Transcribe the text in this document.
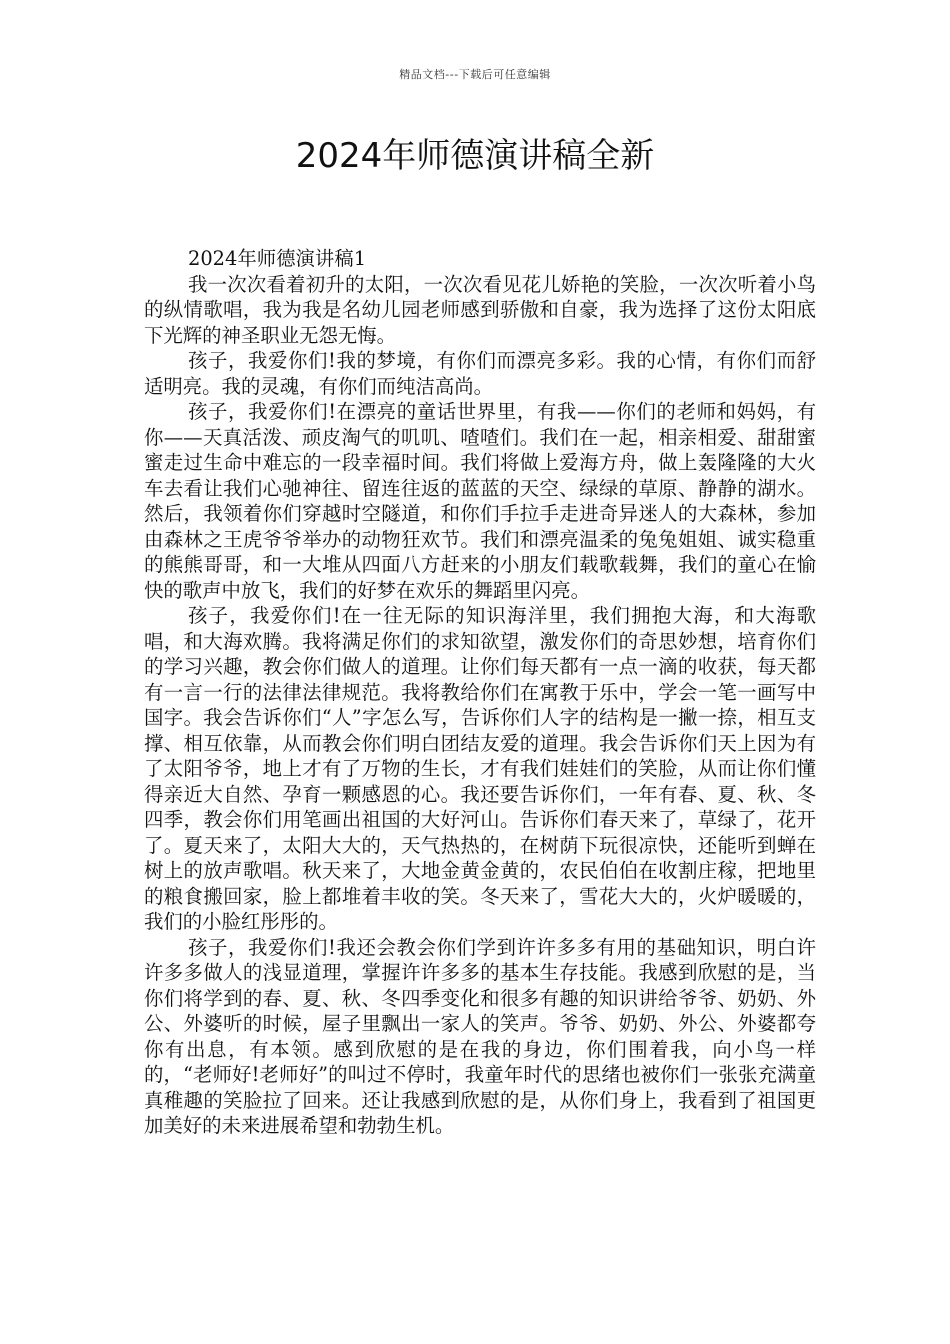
精品文档---下载后可任意编辑
2024年师德演讲稿全新

2024年师德演讲稿1

我一次次看着初升的太阳，一次次看见花儿娇艳的笑脸，一次次听着小鸟的纵情歌唱，我为我是名幼儿园老师感到骄傲和自豪，我为选择了这份太阳底下光辉的神圣职业无怨无悔。

孩子，我爱你们!我的梦境，有你们而漂亮多彩。我的心情，有你们而舒适明亮。我的灵魂，有你们而纯洁高尚。

孩子，我爱你们!在漂亮的童话世界里，有我——你们的老师和妈妈，有你——天真活泼、顽皮淘气的叽叽、喳喳们。我们在一起，相亲相爱、甜甜蜜蜜走过生命中难忘的一段幸福时间。我们将做上爱海方舟，做上轰隆隆的大火车去看让我们心驰神往、留连往返的蓝蓝的天空、绿绿的草原、静静的湖水。然后，我领着你们穿越时空隧道，和你们手拉手走进奇异迷人的大森林，参加由森林之王虎爷爷举办的动物狂欢节。我们和漂亮温柔的兔兔姐姐、诚实稳重的熊熊哥哥，和一大堆从四面八方赶来的小朋友们载歌载舞，我们的童心在愉快的歌声中放飞，我们的好梦在欢乐的舞蹈里闪亮。

孩子，我爱你们!在一往无际的知识海洋里，我们拥抱大海，和大海歌唱，和大海欢腾。我将满足你们的求知欲望，激发你们的奇思妙想，培育你们的学习兴趣，教会你们做人的道理。让你们每天都有一点一滴的收获，每天都有一言一行的法律法律规范。我将教给你们在寓教于乐中，学会一笔一画写中国字。我会告诉你们“人”字怎么写，告诉你们人字的结构是一撇一捺，相互支撑、相互依靠，从而教会你们明白团结友爱的道理。我会告诉你们天上因为有了太阳爷爷，地上才有了万物的生长，才有我们娃娃们的笑脸，从而让你们懂得亲近大自然、孕育一颗感恩的心。我还要告诉你们，一年有春、夏、秋、冬四季，教会你们用笔画出祖国的大好河山。告诉你们春天来了，草绿了，花开了。夏天来了，太阳大大的，天气热热的，在树荫下玩很凉快，还能听到蝉在树上的放声歌唱。秋天来了，大地金黄金黄的，农民伯伯在收割庄稼，把地里的粮食搬回家，脸上都堆着丰收的笑。冬天来了，雪花大大的，火炉暖暖的，我们的小脸红彤彤的。

孩子，我爱你们!我还会教会你们学到许许多多有用的基础知识，明白许许多多做人的浅显道理，掌握许许多多的基本生存技能。我感到欣慰的是，当你们将学到的春、夏、秋、冬四季变化和很多有趣的知识讲给爷爷、奶奶、外公、外婆听的时候，屋子里飘出一家人的笑声。爷爷、奶奶、外公、外婆都夸你有出息，有本领。感到欣慰的是在我的身边，你们围着我，向小鸟一样的，“老师好!老师好”的叫过不停时，我童年时代的思绪也被你们一张张充满童真稚趣的笑脸拉了回来。还让我感到欣慰的是，从你们身上，我看到了祖国更加美好的未来进展希望和勃勃生机。
